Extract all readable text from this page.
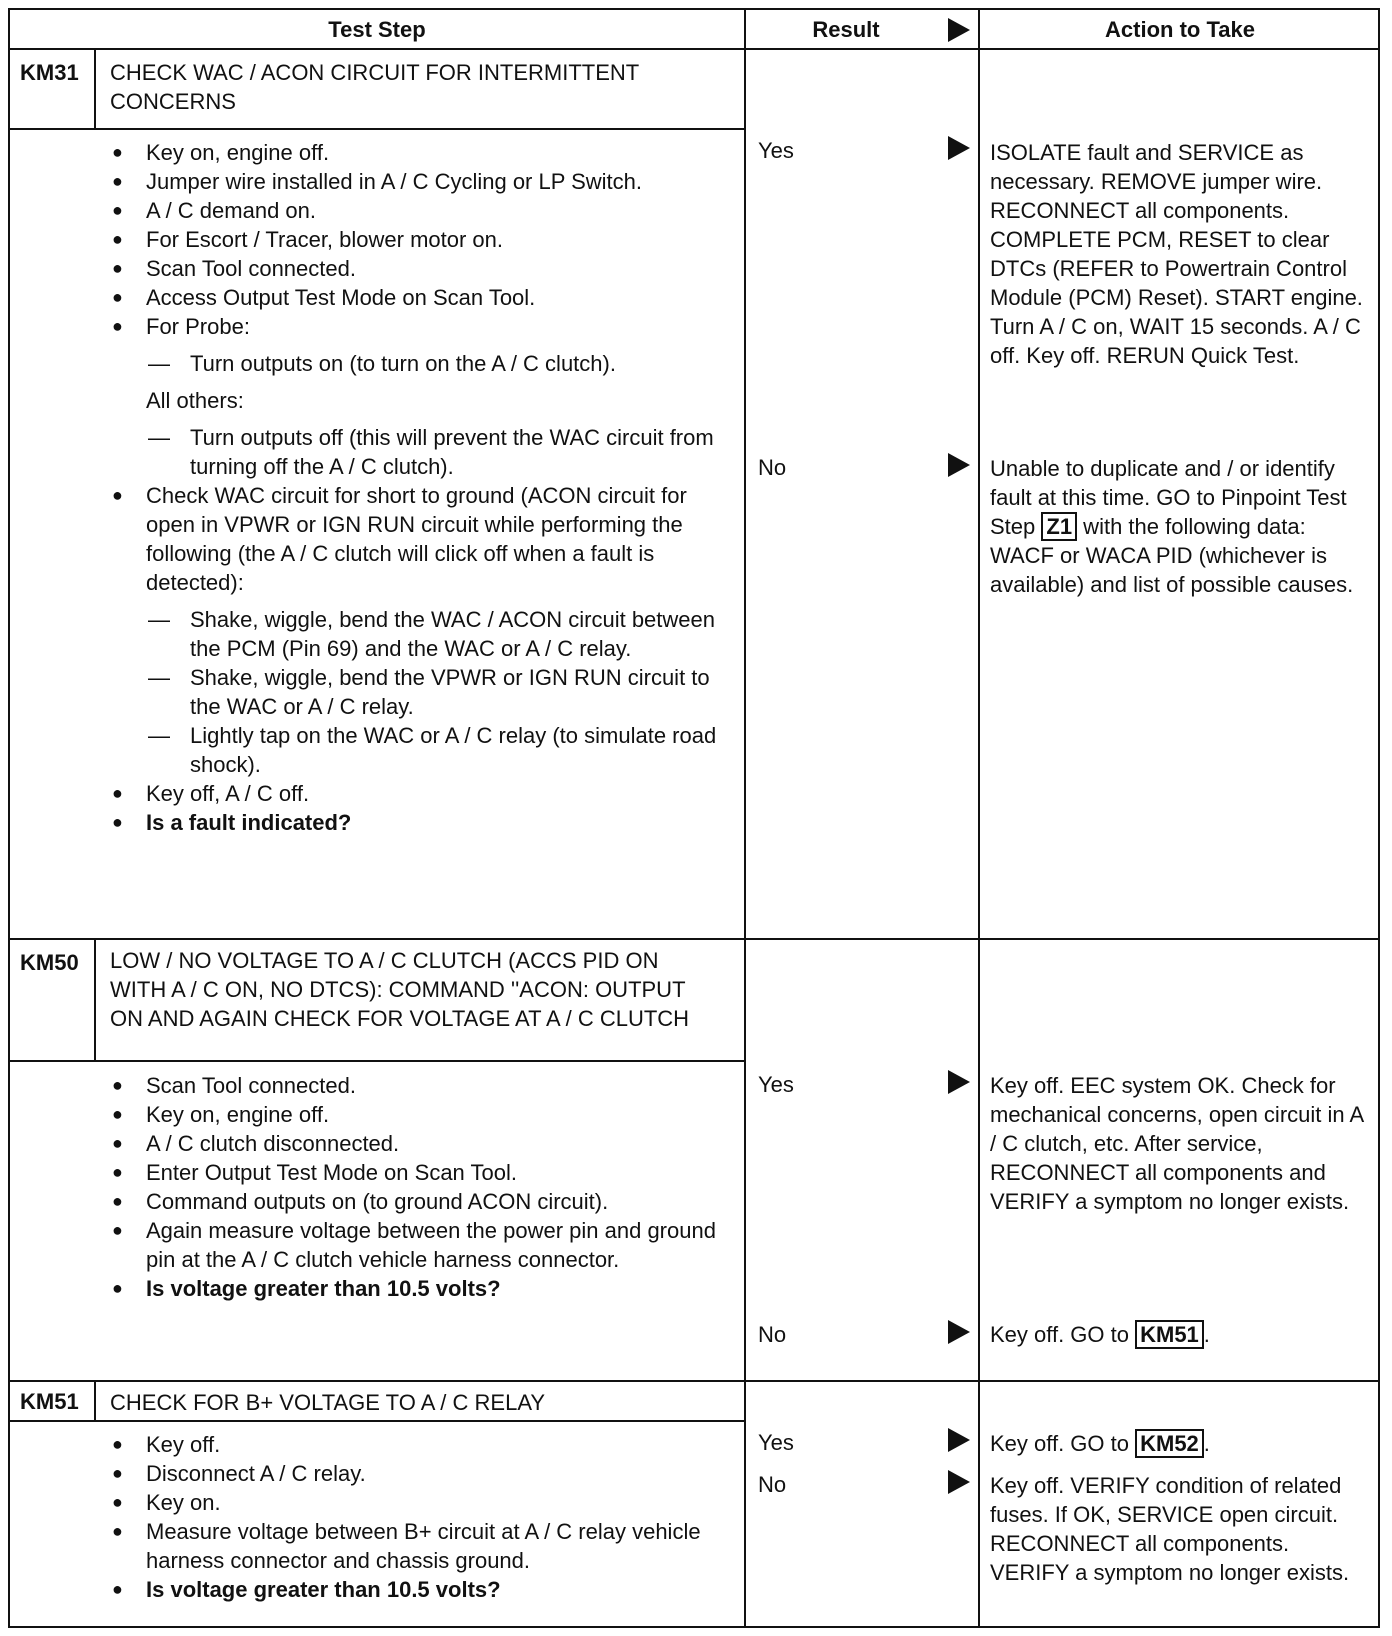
Test Step	Result	Action to Take
KM31 CHECK WAC / ACON CIRCUIT FOR INTERMITTENT CONCERNS
● Key on, engine off.
● Jumper wire installed in A / C Cycling or LP Switch.
● A / C demand on.
● For Escort / Tracer, blower motor on.
● Scan Tool connected.
● Access Output Test Mode on Scan Tool.
● For Probe:
— Turn outputs on (to turn on the A / C clutch).
All others:
— Turn outputs off (this will prevent the WAC circuit from turning off the A / C clutch).
● Check WAC circuit for short to ground (ACON circuit for open in VPWR or IGN RUN circuit while performing the following (the A / C clutch will click off when a fault is detected):
— Shake, wiggle, bend the WAC / ACON circuit between the PCM (Pin 69) and the WAC or A / C relay.
— Shake, wiggle, bend the VPWR or IGN RUN circuit to the WAC or A / C relay.
— Lightly tap on the WAC or A / C relay (to simulate road shock).
● Key off, A / C off.
● Is a fault indicated?
Yes	ISOLATE fault and SERVICE as necessary. REMOVE jumper wire. RECONNECT all components. COMPLETE PCM, RESET to clear DTCs (REFER to Powertrain Control Module (PCM) Reset). START engine. Turn A / C on, WAIT 15 seconds. A / C off. Key off. RERUN Quick Test.
No	Unable to duplicate and / or identify fault at this time. GO to Pinpoint Test Step Z1 with the following data: WACF or WACA PID (whichever is available) and list of possible causes.
KM50 LOW / NO VOLTAGE TO A / C CLUTCH (ACCS PID ON WITH A / C ON, NO DTCS): COMMAND ''ACON: OUTPUT ON AND AGAIN CHECK FOR VOLTAGE AT A / C CLUTCH
● Scan Tool connected.
● Key on, engine off.
● A / C clutch disconnected.
● Enter Output Test Mode on Scan Tool.
● Command outputs on (to ground ACON circuit).
● Again measure voltage between the power pin and ground pin at the A / C clutch vehicle harness connector.
● Is voltage greater than 10.5 volts?
Yes	Key off. EEC system OK. Check for mechanical concerns, open circuit in A / C clutch, etc. After service, RECONNECT all components and VERIFY a symptom no longer exists.
No	Key off. GO to KM51 .
KM51 CHECK FOR B+ VOLTAGE TO A / C RELAY
● Key off.
● Disconnect A / C relay.
● Key on.
● Measure voltage between B+ circuit at A / C relay vehicle harness connector and chassis ground.
● Is voltage greater than 10.5 volts?
Yes	Key off. GO to KM52 .
No	Key off. VERIFY condition of related fuses. If OK, SERVICE open circuit. RECONNECT all components. VERIFY a symptom no longer exists.
